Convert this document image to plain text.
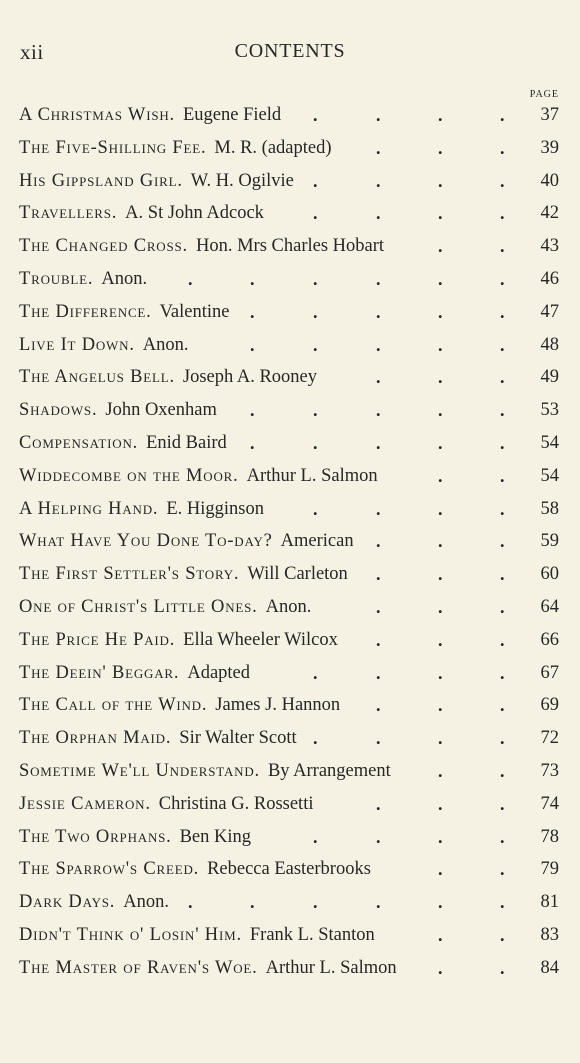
xii	CONTENTS
PAGE
A Christmas Wish. Eugene Field	37
.	.	.	.
The Five-Shilling Fee. M. R. (adapted)	39
.	.	.
His Gippsland Girl. W. H. Ogilvie	40
.	.	.	.
Travellers. A. St John Adcock	42
.	.	.	.
The Changed Cross. Hon. Mrs Charles Hobart	43
.	.
Trouble. Anon.	46
.	.	.	.	.	.
The Difference. Valentine	47
.	.	.	.	.
Live It Down. Anon.	48
.	.	.	.	.
The Angelus Bell. Joseph A. Rooney	49
.	.	.
Shadows. John Oxenham	53
.	.	.	.	.
Compensation. Enid Baird	54
.	.	.	.	.
Widdecombe on the Moor. Arthur L. Salmon	54
.	.
A Helping Hand. E. Higginson	58
.	.	.	.
What Have You Done To-day? American	59
.	.	.
The First Settler's Story. Will Carleton	60
.	.	.
One of Christ's Little Ones. Anon.	64
.	.	.
The Price He Paid. Ella Wheeler Wilcox	66
.	.	.
The Deein' Beggar. Adapted	67
.	.	.	.
The Call of the Wind. James J. Hannon	69
.	.	.
The Orphan Maid. Sir Walter Scott	72
.	.	.	.
Sometime We'll Understand. By Arrangement	73
.	.
Jessie Cameron. Christina G. Rossetti	74
.	.	.
The Two Orphans. Ben King	78
.	.	.	.
The Sparrow's Creed. Rebecca Easterbrooks	79
.	.
Dark Days. Anon.	81
.	.	.	.	.	.
Didn't Think o' Losin' Him. Frank L. Stanton	83
.	.
The Master of Raven's Woe. Arthur L. Salmon	84
.	.
